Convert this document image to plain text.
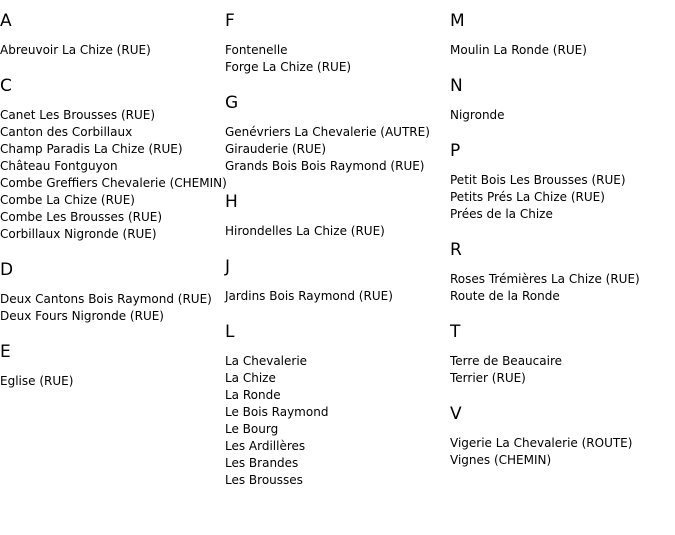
A
Abreuvoir La Chize (RUE)
C
Canet Les Brousses (RUE)
Canton des Corbillaux
Champ Paradis La Chize (RUE)
Château Fontguyon
Combe Greffiers Chevalerie (CHEMIN)
Combe La Chize (RUE)
Combe Les Brousses (RUE)
Corbillaux Nigronde (RUE)
D
Deux Cantons Bois Raymond (RUE)
Deux Fours Nigronde (RUE)
E
Eglise (RUE)
F
Fontenelle
Forge La Chize (RUE)
G
Genévriers La Chevalerie (AUTRE)
Girauderie (RUE)
Grands Bois Bois Raymond (RUE)
H
Hirondelles La Chize (RUE)
J
Jardins Bois Raymond (RUE)
L
La Chevalerie
La Chize
La Ronde
Le Bois Raymond
Le Bourg
Les Ardillères
Les Brandes
Les Brousses
M
Moulin La Ronde (RUE)
N
Nigronde
P
Petit Bois Les Brousses (RUE)
Petits Prés La Chize (RUE)
Prées de la Chize
R
Roses Trémières La Chize (RUE)
Route de la Ronde
T
Terre de Beaucaire
Terrier (RUE)
V
Vigerie La Chevalerie (ROUTE)
Vignes (CHEMIN)
